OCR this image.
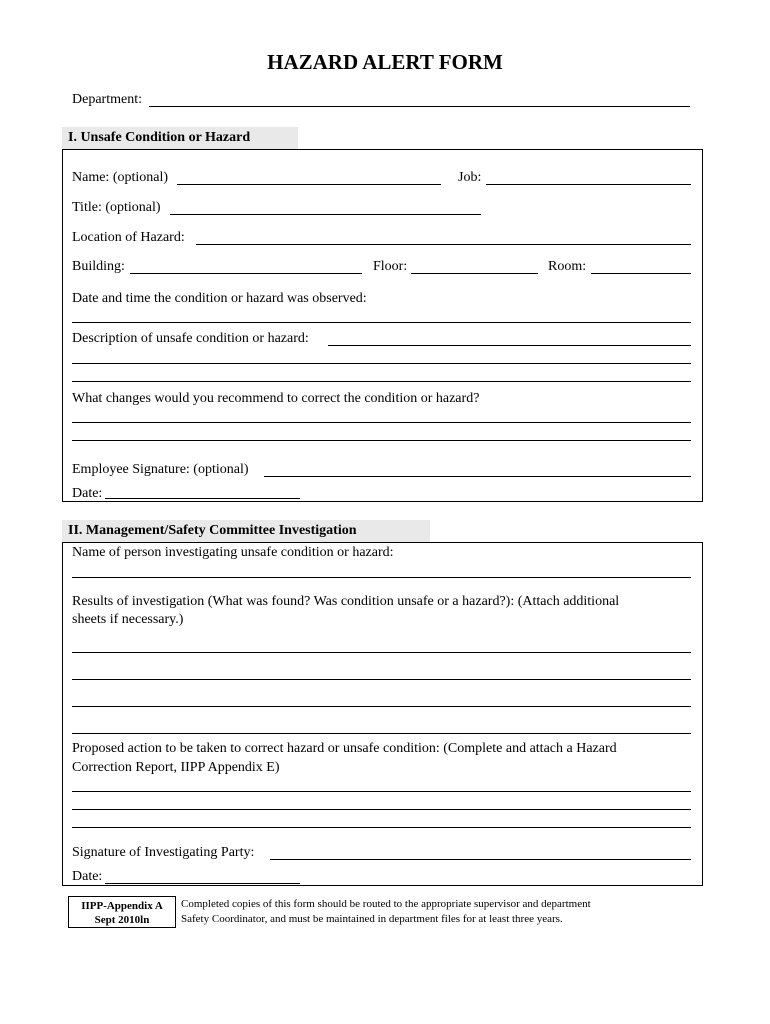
HAZARD ALERT FORM
Department:
I. Unsafe Condition or Hazard
Name: (optional)	Job:
Title: (optional)
Location of Hazard:
Building:	Floor:	Room:
Date and time the condition or hazard was observed:
Description of unsafe condition or hazard:
What changes would you recommend to correct the condition or hazard?
Employee Signature: (optional)
Date:
II. Management/Safety Committee Investigation
Name of person investigating unsafe condition or hazard:
Results of investigation (What was found? Was condition unsafe or a hazard?): (Attach additional
sheets if necessary.)
Proposed action to be taken to correct hazard or unsafe condition: (Complete and attach a Hazard
Correction Report, IIPP Appendix E)
Signature of Investigating Party:
Date:
IIPP-Appendix A
Sept 2010ln
Completed copies of this form should be routed to the appropriate supervisor and department
Safety Coordinator, and must be maintained in department files for at least three years.
